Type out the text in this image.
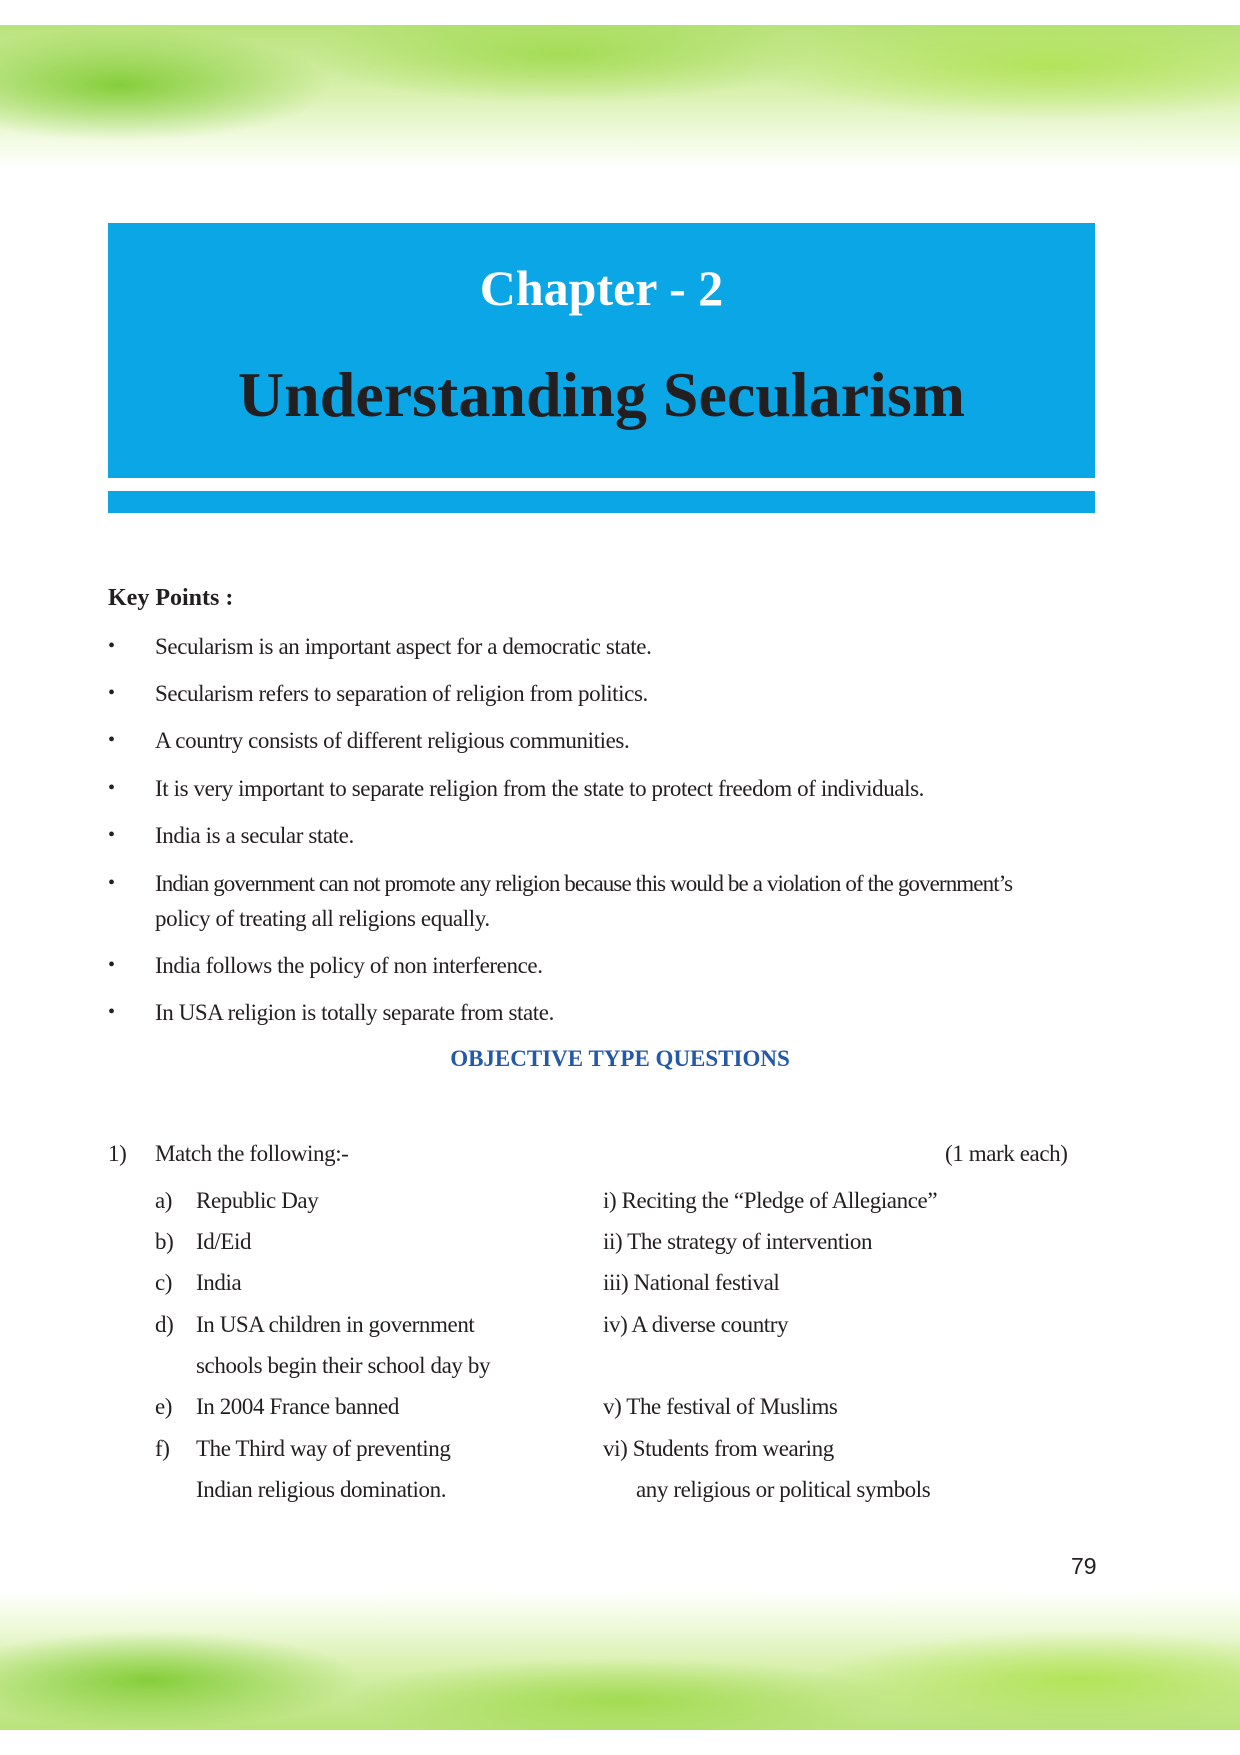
Chapter - 2
Understanding Secularism
Key Points :
• Secularism is an important aspect for a democratic state.
• Secularism refers to separation of religion from politics.
• A country consists of different religious communities.
• It is very important to separate religion from the state to protect freedom of individuals.
• India is a secular state.
• Indian government can not promote any religion because this would be a violation of the government’s
policy of treating all religions equally.
• India follows the policy of non interference.
• In USA religion is totally separate from state.
OBJECTIVE TYPE QUESTIONS
1) Match the following:-	(1 mark each)
a) Republic Day
b) Id/Eid
c) India
d) In USA children in government
schools begin their school day by
e) In 2004 France banned
f) The Third way of preventing
Indian religious domination.
i) Reciting the “Pledge of Allegiance”
ii) The strategy of intervention
iii) National festival
iv) A diverse country
v) The festival of Muslims
vi) Students from wearing
any religious or political symbols
79
